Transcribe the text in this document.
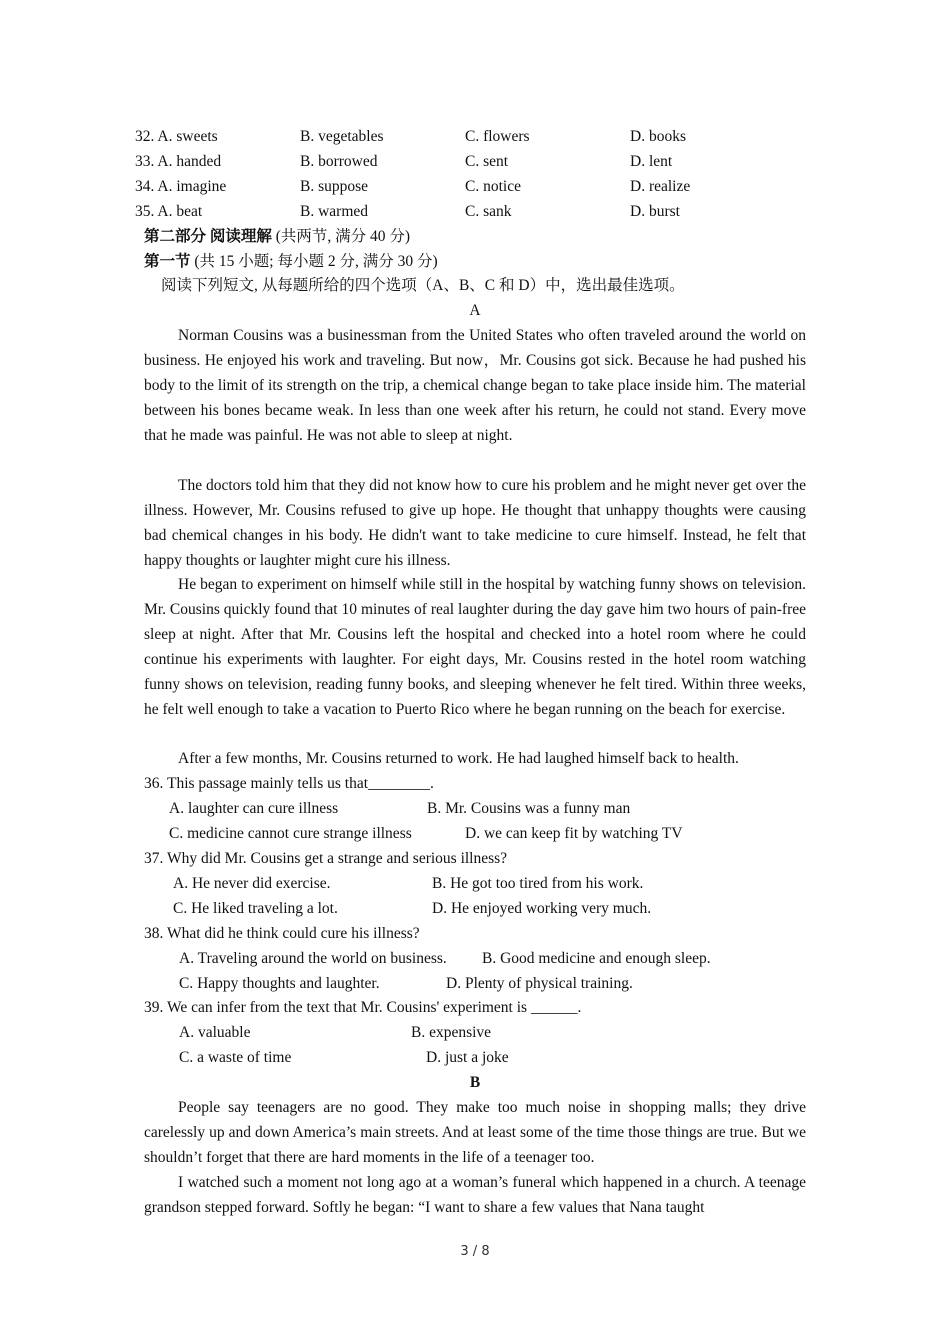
32. A. sweets	B. vegetables	C. flowers	D. books
33. A. handed	B. borrowed	C. sent	D. lent
34. A. imagine	B. suppose	C. notice	D. realize
35. A. beat	B. warmed	C. sank	D. burst
第二部分 阅读理解 (共两节, 满分 40 分)
第一节 (共 15 小题; 每小题 2 分, 满分 30 分)
阅读下列短文, 从每题所给的四个选项（A、B、C 和 D）中，选出最佳选项。
A
Norman Cousins was a businessman from the United States who often traveled around the world on business. He enjoyed his work and traveling. But now，Mr. Cousins got sick. Because he had pushed his body to the limit of its strength on the trip, a chemical change began to take place inside him. The material between his bones became weak. In less than one week after his return, he could not stand. Every move that he made was painful. He was not able to sleep at night.
The doctors told him that they did not know how to cure his problem and he might never get over the illness. However, Mr. Cousins refused to give up hope. He thought that unhappy thoughts were causing bad chemical changes in his body. He didn't want to take medicine to cure himself. Instead, he felt that happy thoughts or laughter might cure his illness.
He began to experiment on himself while still in the hospital by watching funny shows on television. Mr. Cousins quickly found that 10 minutes of real laughter during the day gave him two hours of pain-free sleep at night. After that Mr. Cousins left the hospital and checked into a hotel room where he could continue his experiments with laughter. For eight days, Mr. Cousins rested in the hotel room watching funny shows on television, reading funny books, and sleeping whenever he felt tired. Within three weeks, he felt well enough to take a vacation to Puerto Rico where he began running on the beach for exercise.
After a few months, Mr. Cousins returned to work. He had laughed himself back to health.
36. This passage mainly tells us that________.
A. laughter can cure illness	B. Mr. Cousins was a funny man
C. medicine cannot cure strange illness	D. we can keep fit by watching TV
37. Why did Mr. Cousins get a strange and serious illness?
A. He never did exercise.	B. He got too tired from his work.
C. He liked traveling a lot.	D. He enjoyed working very much.
38. What did he think could cure his illness?
A. Traveling around the world on business. B. Good medicine and enough sleep.
C. Happy thoughts and laughter.	D. Plenty of physical training.
39. We can infer from the text that Mr. Cousins' experiment is ______.
A. valuable	B. expensive
C. a waste of time	D. just a joke
B
People say teenagers are no good. They make too much noise in shopping malls; they drive carelessly up and down America’s main streets. And at least some of the time those things are true. But we shouldn’t forget that there are hard moments in the life of a teenager too.
I watched such a moment not long ago at a woman’s funeral which happened in a church. A teenage grandson stepped forward. Softly he began: “I want to share a few values that Nana taught
3 / 8
